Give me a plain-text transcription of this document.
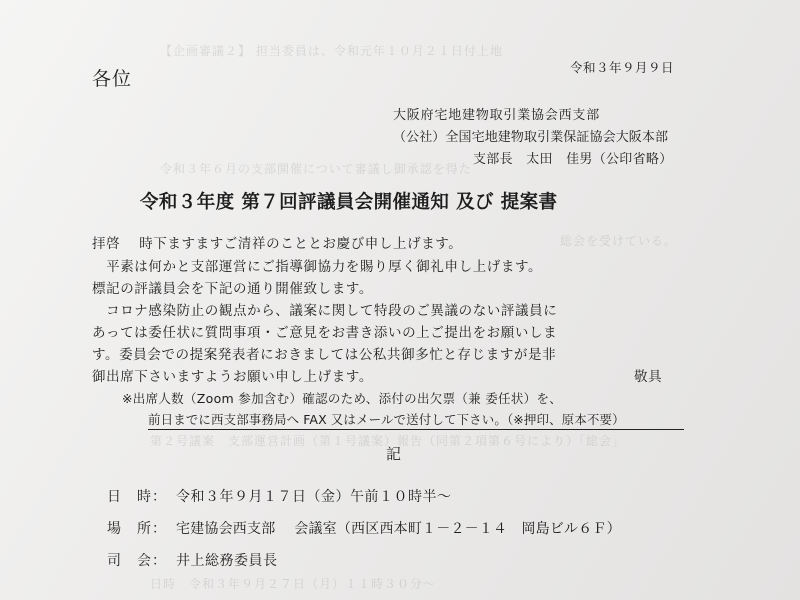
【企画審議２】 担当委員は、令和元年１０月２１日付上地
令和３年６月の支部開催について審議し御承認を得た
総会を受けている。
第２号議案　支部運営計画（第１号議案）報告（同第２項第６号により）「総会」
日時　令和３年９月２７日（月）１１時３０分～
各位
令和３年９月９日
大阪府宅地建物取引業協会西支部
（公社）全国宅地建物取引業保証協会大阪本部
支部長　太田　佳男（公印省略）
令和３年度 第７回評議員会開催通知 及び 提案書
拝啓　 時下ますますご清祥のこととお慶び申し上げます。
　平素は何かと支部運営にご指導御協力を賜り厚く御礼申し上げます。
標記の評議員会を下記の通り開催致します。
　コロナ感染防止の観点から、議案に関して特段のご異議のない評議員に
あっては委任状に質問事項・ご意見をお書き添いの上ご提出をお願いしま
す。委員会での提案発表者におきましては公私共御多忙と存じますが是非
御出席下さいますようお願い申し上げます。	敬具
※出席人数（Zoom 参加含む）確認のため、添付の出欠票（兼 委任状）を、
前日までに西支部事務局へ FAX 又はメールで送付して下さい。（※押印、原本不要）
記
日　時： 令和３年９月１７日（金）午前１０時半～
場　所： 宅建協会西支部　 会議室（西区西本町１－２－１４　岡島ビル６Ｆ）
司　会： 井上総務委員長
